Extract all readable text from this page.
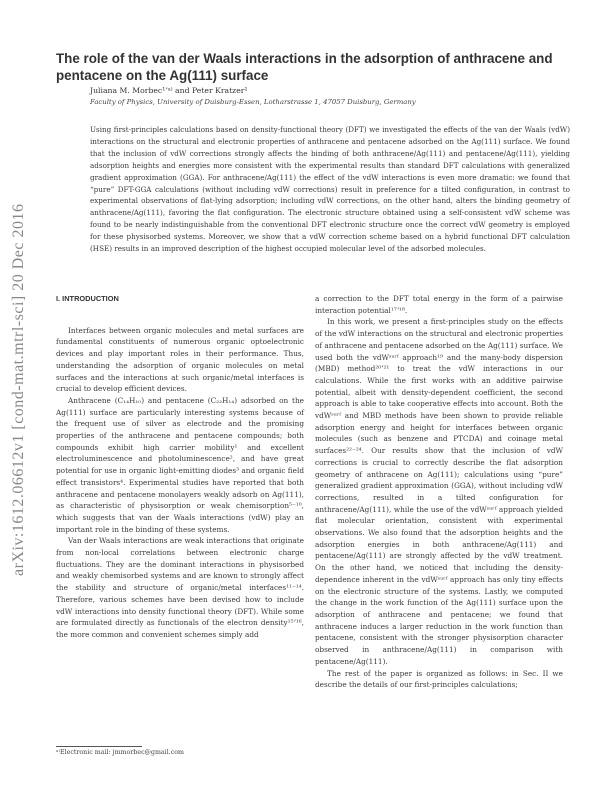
arXiv:1612.06612v1 [cond-mat.mtrl-sci] 20 Dec 2016
The role of the van der Waals interactions in the adsorption of anthracene and pentacene on the Ag(111) surface
Juliana M. Morbec¹ʼᵃ⁾ and Peter Kratzer¹
Faculty of Physics, University of Duisburg-Essen, Lotharstrasse 1, 47057 Duisburg, Germany
Using first-principles calculations based on density-functional theory (DFT) we investigated the effects of the van der Waals (vdW) interactions on the structural and electronic properties of anthracene and pentacene adsorbed on the Ag(111) surface. We found that the inclusion of vdW corrections strongly affects the binding of both anthracene/Ag(111) and pentacene/Ag(111), yielding adsorption heights and energies more consistent with the experimental results than standard DFT calculations with generalized gradient approximation (GGA). For anthracene/Ag(111) the effect of the vdW interactions is even more dramatic: we found that “pure” DFT-GGA calculations (without including vdW corrections) result in preference for a tilted configuration, in contrast to experimental observations of flat-lying adsorption; including vdW corrections, on the other hand, alters the binding geometry of anthracene/Ag(111), favoring the flat configuration. The electronic structure obtained using a self-consistent vdW scheme was found to be nearly indistinguishable from the conventional DFT electronic structure once the correct vdW geometry is employed for these physisorbed systems. Moreover, we show that a vdW correction scheme based on a hybrid functional DFT calculation (HSE) results in an improved description of the highest occupied molecular level of the adsorbed molecules.
I. INTRODUCTION

Interfaces between organic molecules and metal surfaces are fundamental constituents of numerous organic optoelectronic devices and play important roles in their performance. Thus, understanding the adsorption of organic molecules on metal surfaces and the interactions at such organic/metal interfaces is crucial to develop efficient devices.

Anthracene (C₁₄H₁₀) and pentacene (C₂₂H₁₄) adsorbed on the Ag(111) surface are particularly interesting systems because of the frequent use of silver as electrode and the promising properties of the anthracene and pentacene compounds; both compounds exhibit high carrier mobility¹ and excellent electroluminescence and photoluminescence², and have great potential for use in organic light-emitting diodes³ and organic field effect transistors⁴. Experimental studies have reported that both anthracene and pentacene monolayers weakly adsorb on Ag(111), as characteristic of physisorption or weak chemisorption⁵⁻¹⁰, which suggests that van der Waals interactions (vdW) play an important role in the binding of these systems.

Van der Waals interactions are weak interactions that originate from non-local correlations between electronic charge fluctuations. They are the dominant interactions in physisorbed and weakly chemisorbed systems and are known to strongly affect the stability and structure of organic/metal interfaces¹¹⁻¹⁴. Therefore, various schemes have been devised how to include vdW interactions into density functional theory (DFT). While some are formulated directly as functionals of the electron density¹⁵ʼ¹⁶, the more common and convenient schemes simply add

a correction to the DFT total energy in the form of a pairwise interaction potential¹⁷ʼ¹⁸.

In this work, we present a first-principles study on the effects of the vdW interactions on the structural and electronic properties of anthracene and pentacene adsorbed on the Ag(111) surface. We used both the vdWˢᵘʳᶠ approach¹⁹ and the many-body dispersion (MBD) method²⁰ʼ²¹ to treat the vdW interactions in our calculations. While the first works with an additive pairwise potential, albeit with density-dependent coefficient, the second approach is able to take cooperative effects into account. Both the vdWˢᵘʳᶠ and MBD methods have been shown to provide reliable adsorption energy and height for interfaces between organic molecules (such as benzene and PTCDA) and coinage metal surfaces²²⁻²⁴. Our results show that the inclusion of vdW corrections is crucial to correctly describe the flat adsorption geometry of anthracene on Ag(111); calculations using “pure” generalized gradient approximation (GGA), without including vdW corrections, resulted in a tilted configuration for anthracene/Ag(111), while the use of the vdWˢᵘʳᶠ approach yielded flat molecular orientation, consistent with experimental observations. We also found that the adsorption heights and the adsorption energies in both anthracene/Ag(111) and pentacene/Ag(111) are strongly affected by the vdW treatment. On the other hand, we noticed that including the density-dependence inherent in the vdWˢᵘʳᶠ approach has only tiny effects on the electronic structure of the systems. Lastly, we computed the change in the work function of the Ag(111) surface upon the adsorption of anthracene and pentacene; we found that anthracene induces a larger reduction in the work function than pentacene, consistent with the stronger physisorption character observed in anthracene/Ag(111) in comparison with pentacene/Ag(111).

The rest of the paper is organized as follows: in Sec. II we describe the details of our first-principles calculations;

ᵃ⁾Electronic mail: jmmorbec@gmail.com
